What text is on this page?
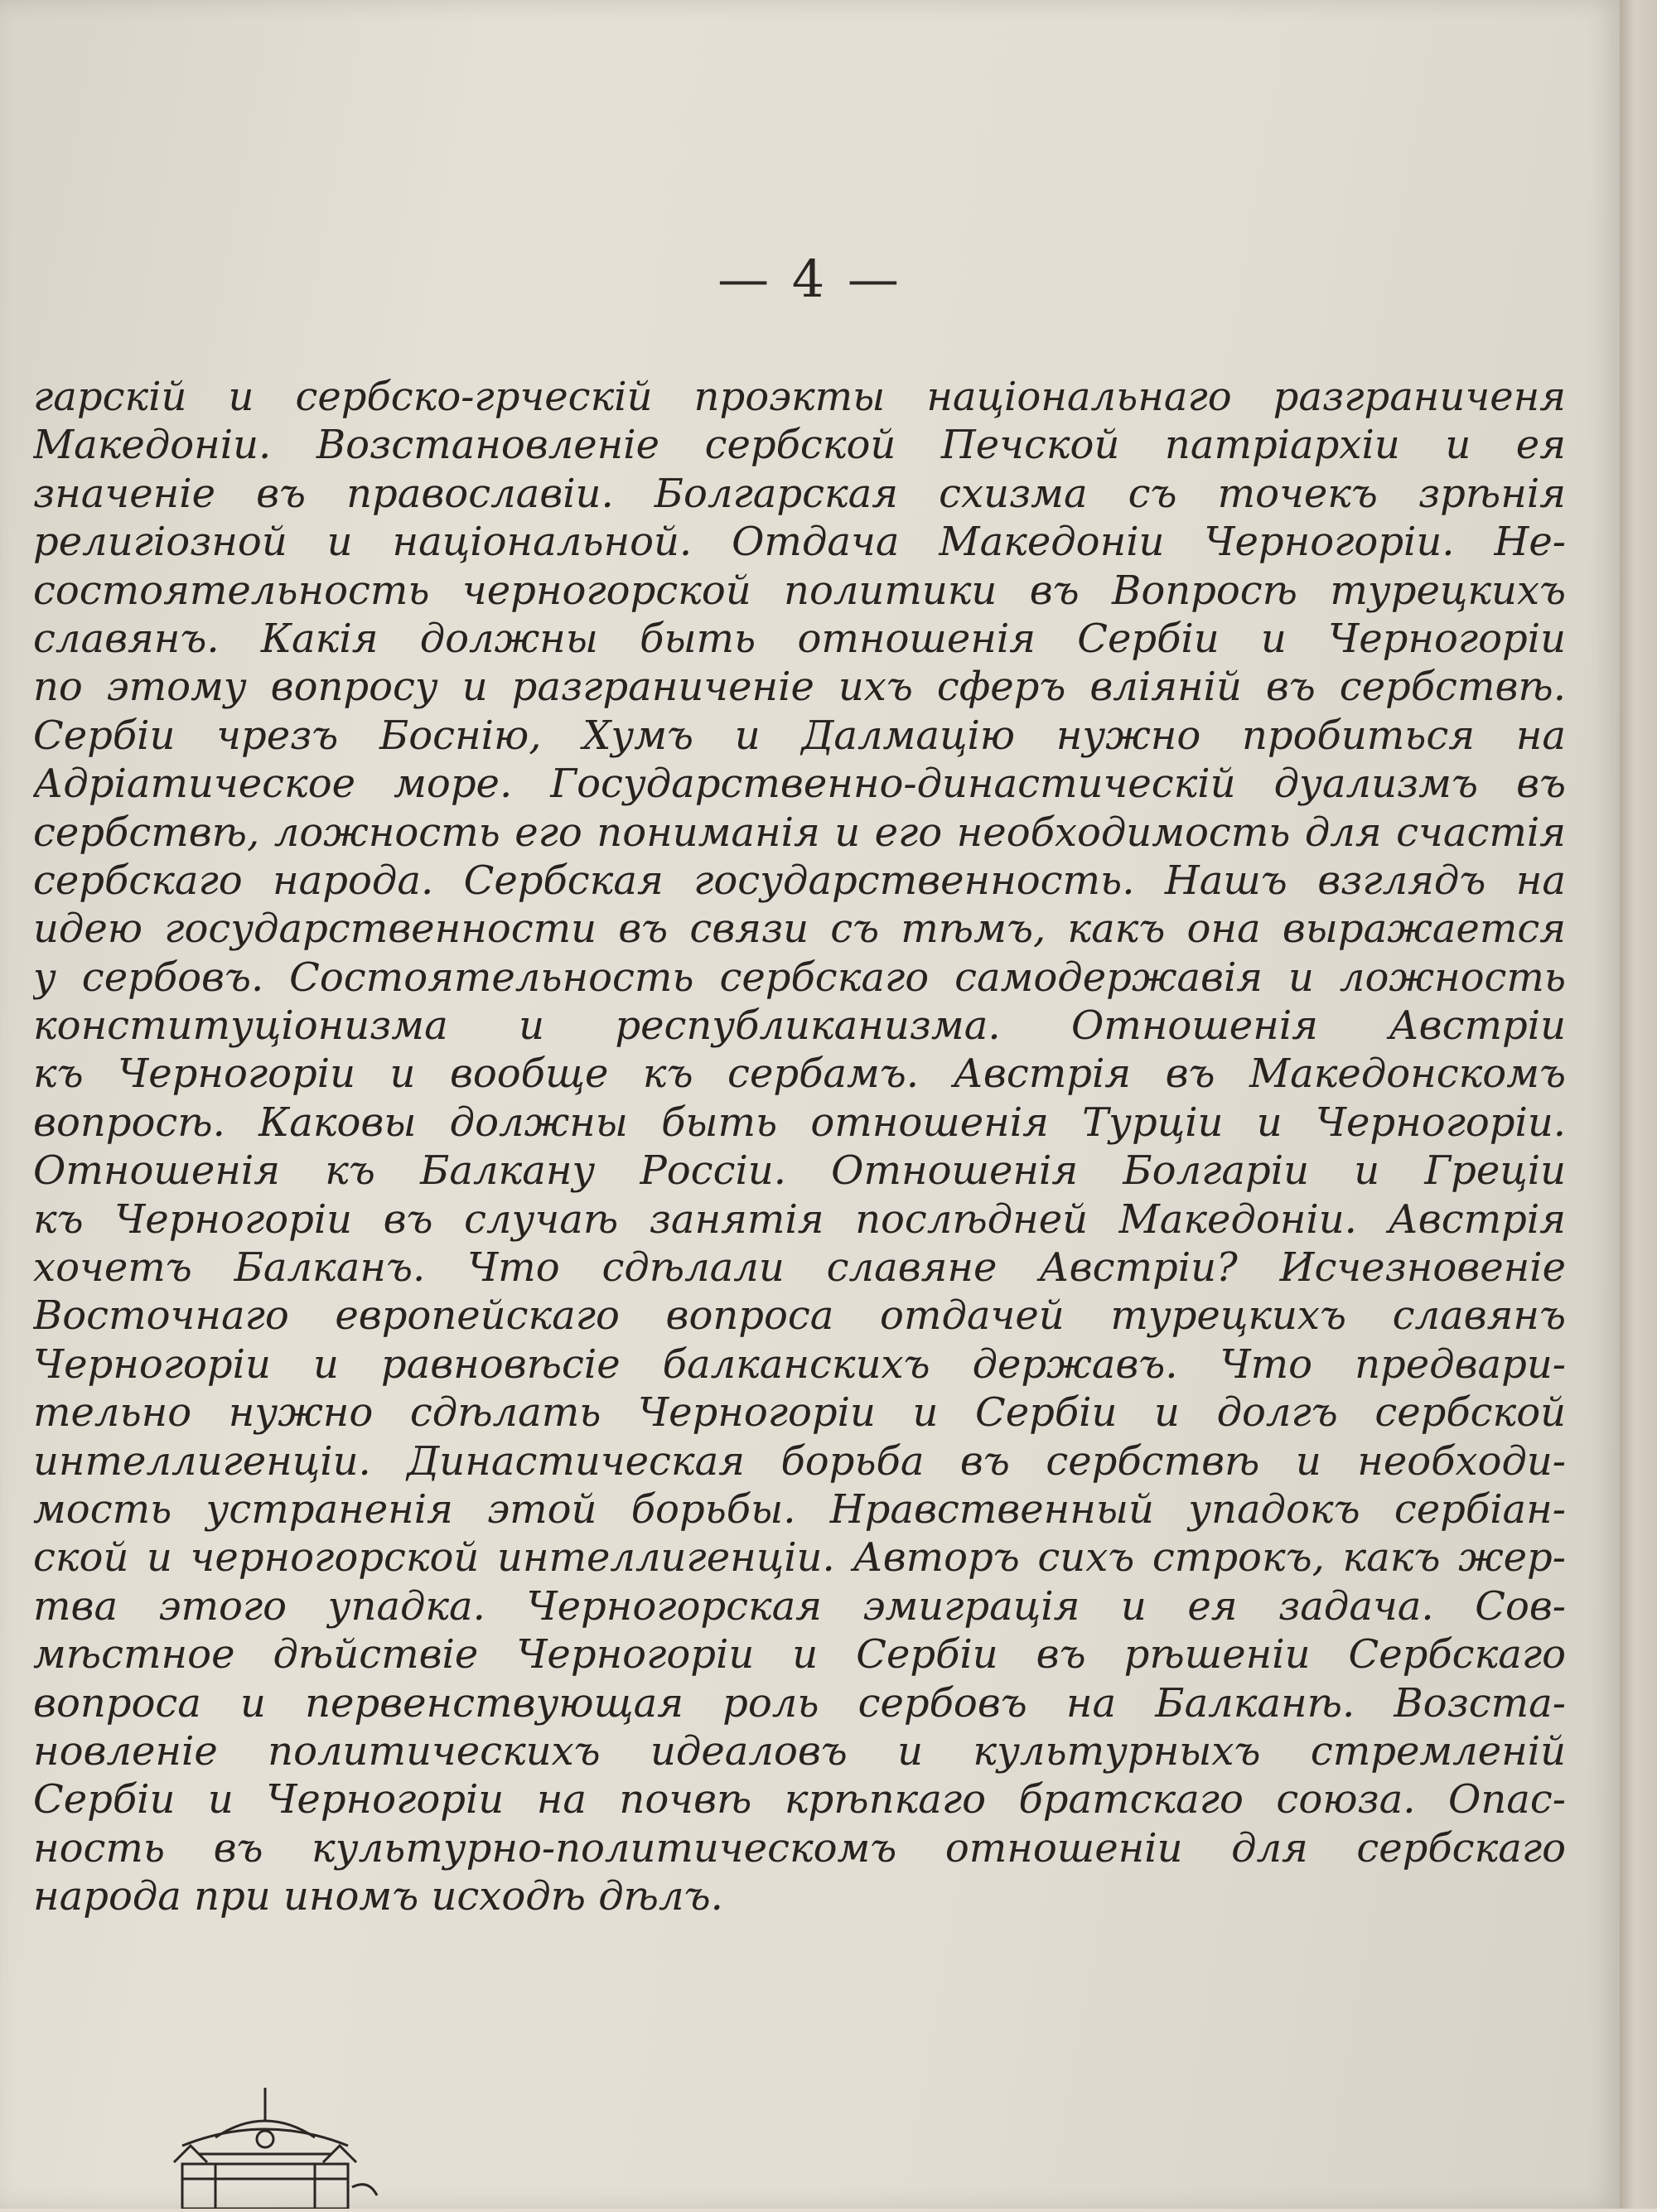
— 4 —
гарскiй и сербско-грческiй проэкты нацiональнаго разграниченя
Македонiи. Возстановленiе сербской Печской патрiархiи и ея
значенiе въ православiи. Болгарская схизма съ точекъ зрѣнiя
религiозной и нацiональной. Отдача Македонiи Черногорiи. Не-
состоятельность черногорской политики въ Вопросѣ турецкихъ
славянъ. Какiя должны быть отношенiя Сербiи и Черногорiи
по этому вопросу и разграниченiе ихъ сферъ влiянiй въ сербствѣ.
Сербiи чрезъ Боснiю, Хумъ и Далмацiю нужно пробиться на
Адрiатическое море. Государственно-династическiй дуализмъ въ
сербствѣ, ложность его пониманiя и его необходимость для счастiя
сербскаго народа. Сербская государственность. Нашъ взглядъ на
идею государственности въ связи съ тѣмъ, какъ она выражается
у сербовъ. Состоятельность сербскаго самодержавiя и ложность
конституцiонизма и республиканизма. Отношенiя Австрiи
къ Черногорiи и вообще къ сербамъ. Австрiя въ Македонскомъ
вопросѣ. Каковы должны быть отношенiя Турцiи и Черногорiи.
Отношенiя къ Балкану Россiи. Отношенiя Болгарiи и Грецiи
къ Черногорiи въ случаѣ занятiя послѣдней Македонiи. Австрiя
хочетъ Балканъ. Что сдѣлали славяне Австрiи? Исчезновенiе
Восточнаго европейскаго вопроса отдачей турецкихъ славянъ
Черногорiи и равновѣсiе балканскихъ державъ. Что предвари-
тельно нужно сдѣлать Черногорiи и Сербiи и долгъ сербской
интеллигенцiи. Династическая борьба въ сербствѣ и необходи-
мость устраненiя этой борьбы. Нравственный упадокъ сербiан-
ской и черногорской интеллигенцiи. Авторъ сихъ строкъ, какъ жер-
тва этого упадка. Черногорская эмиграцiя и ея задача. Сов-
мѣстное дѣйствiе Черногорiи и Сербiи въ рѣшенiи Сербскаго
вопроса и первенствующая роль сербовъ на Балканѣ. Возста-
новленiе политическихъ идеаловъ и культурныхъ стремленiй
Сербiи и Черногорiи на почвѣ крѣпкаго братскаго союза. Опас-
ность въ культурно-политическомъ отношенiи для сербскаго
народа при иномъ исходѣ дѣлъ.
